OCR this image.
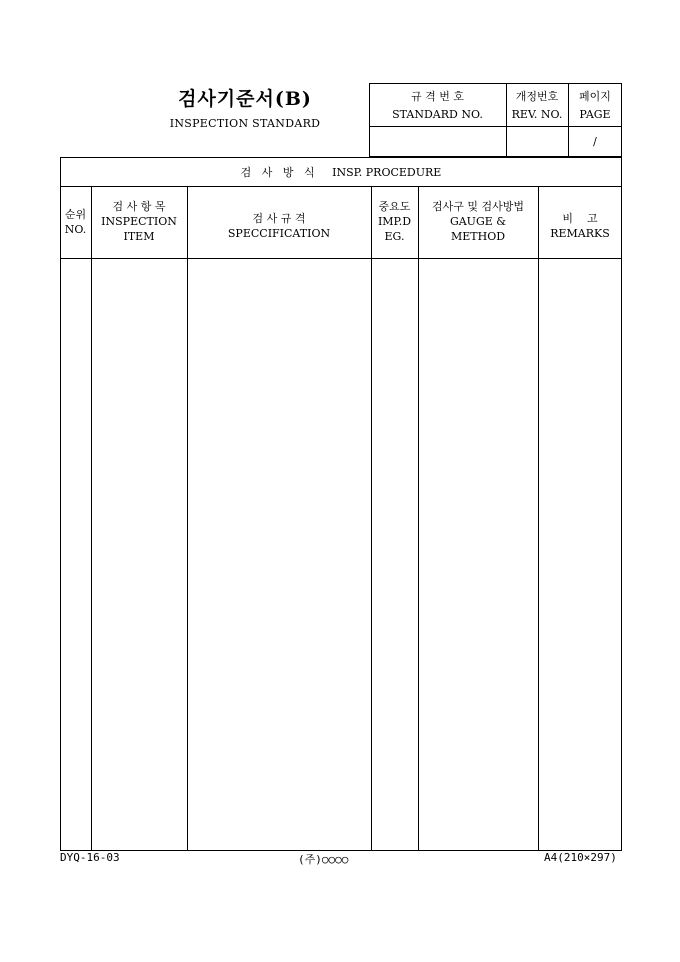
검사기준서(B)
INSPECTION STANDARD
규 격 번 호
STANDARD NO.
개정번호
REV. NO.
페이지
PAGE
/
검   사   방   식     INSP. PROCEDURE
순위
NO.
검 사 항 목
INSPECTION
ITEM
검 사 규 격
SPECCIFICATION
중요도
IMP.D
EG.
검사구 및 검사방법
GAUGE &
METHOD
비    고
REMARKS
DYQ-16-03	(주)○○○○	A4(210×297)
